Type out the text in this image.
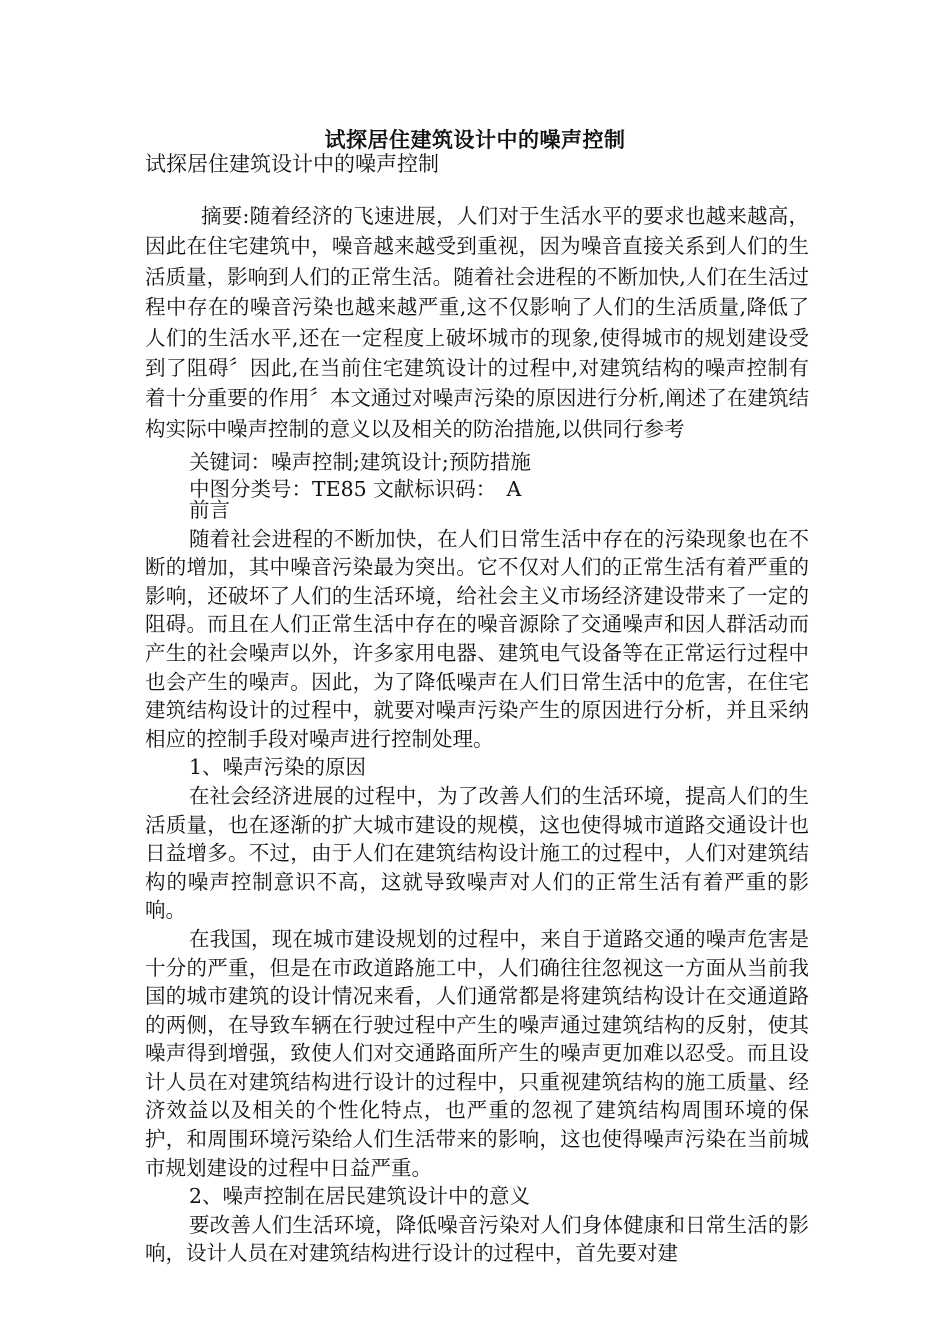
试探居住建筑设计中的噪声控制
试探居住建筑设计中的噪声控制

摘要:随着经济的飞速进展，人们对于生活水平的要求也越来越高，因此在住宅建筑中，噪音越来越受到重视，因为噪音直接关系到人们的生活质量，影响到人们的正常生活。随着社会进程的不断加快,人们在生活过程中存在的噪音污染也越来越严重,这不仅影响了人们的生活质量,降低了人们的生活水平,还在一定程度上破坏城市的现象,使得城市的规划建设受到了阻碍〞因此,在当前住宅建筑设计的过程中,对建筑结构的噪声控制有着十分重要的作用〞本文通过对噪声污染的原因进行分析,阐述了在建筑结构实际中噪声控制的意义以及相关的防治措施,以供同行参考

关键词：噪声控制;建筑设计;预防措施
中图分类号：TE85 文献标识码：　A
前言

随着社会进程的不断加快，在人们日常生活中存在的污染现象也在不断的增加，其中噪音污染最为突出。它不仅对人们的正常生活有着严重的影响，还破坏了人们的生活环境，给社会主义市场经济建设带来了一定的阻碍。而且在人们正常生活中存在的噪音源除了交通噪声和因人群活动而产生的社会噪声以外，许多家用电器、建筑电气设备等在正常运行过程中也会产生的噪声。因此，为了降低噪声在人们日常生活中的危害，在住宅建筑结构设计的过程中，就要对噪声污染产生的原因进行分析，并且采纳相应的控制手段对噪声进行控制处理。

1、噪声污染的原因

在社会经济进展的过程中，为了改善人们的生活环境，提高人们的生活质量，也在逐渐的扩大城市建设的规模，这也使得城市道路交通设计也日益增多。不过，由于人们在建筑结构设计施工的过程中，人们对建筑结构的噪声控制意识不高，这就导致噪声对人们的正常生活有着严重的影响。

在我国，现在城市建设规划的过程中，来自于道路交通的噪声危害是十分的严重，但是在市政道路施工中，人们确往往忽视这一方面从当前我国的城市建筑的设计情况来看，人们通常都是将建筑结构设计在交通道路的两侧，在导致车辆在行驶过程中产生的噪声通过建筑结构的反射，使其噪声得到增强，致使人们对交通路面所产生的噪声更加难以忍受。而且设计人员在对建筑结构进行设计的过程中，只重视建筑结构的施工质量、经济效益以及相关的个性化特点，也严重的忽视了建筑结构周围环境的保护，和周围环境污染给人们生活带来的影响，这也使得噪声污染在当前城市规划建设的过程中日益严重。

2、噪声控制在居民建筑设计中的意义

要改善人们生活环境，降低噪音污染对人们身体健康和日常生活的影响，设计人员在对建筑结构进行设计的过程中，首先要对建
